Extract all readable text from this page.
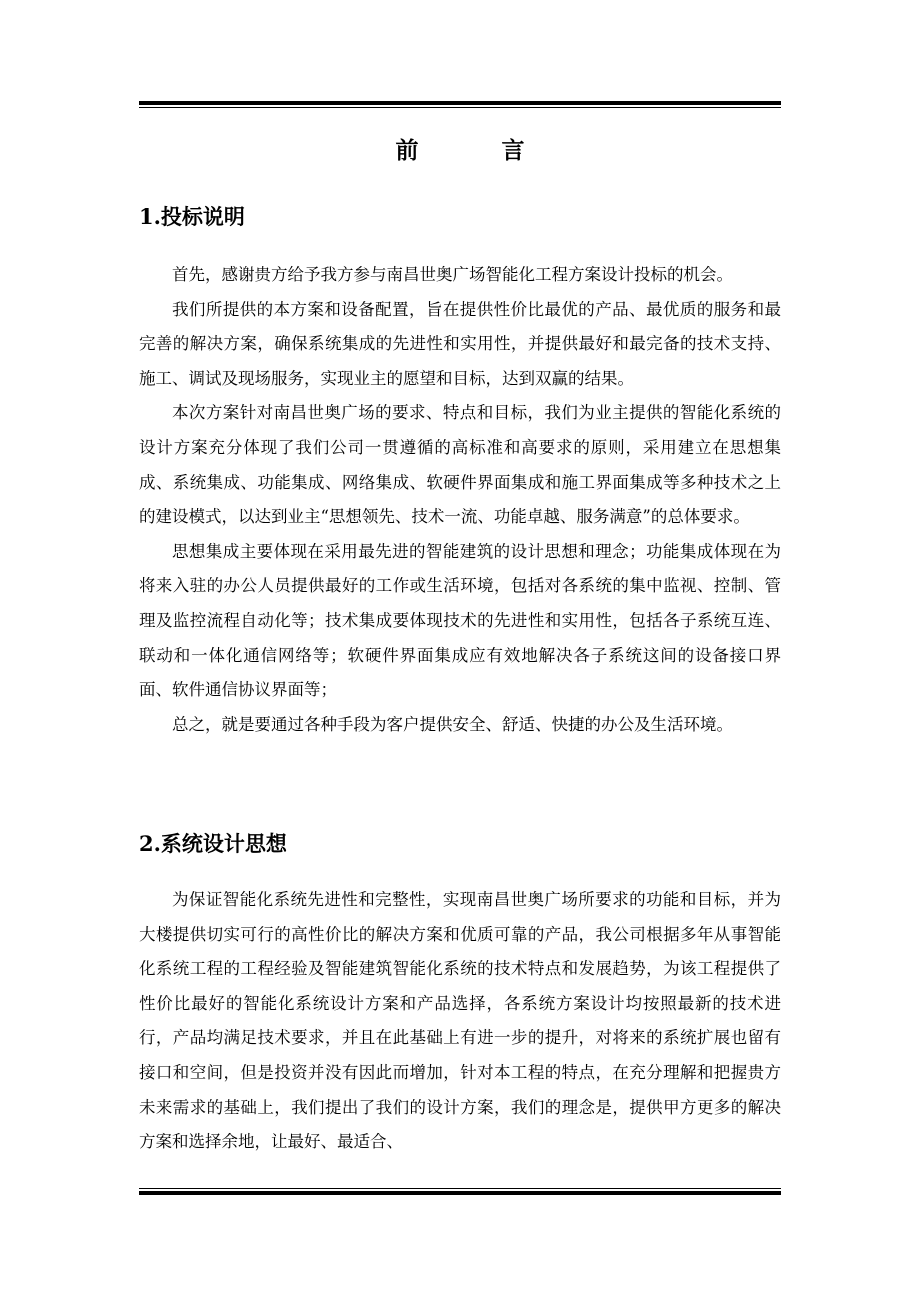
前　言
1.投标说明

首先，感谢贵方给予我方参与南昌世奥广场智能化工程方案设计投标的机会。

我们所提供的本方案和设备配置，旨在提供性价比最优的产品、最优质的服务和最完善的解决方案，确保系统集成的先进性和实用性，并提供最好和最完备的技术支持、施工、调试及现场服务，实现业主的愿望和目标，达到双赢的结果。

本次方案针对南昌世奥广场的要求、特点和目标，我们为业主提供的智能化系统的设计方案充分体现了我们公司一贯遵循的高标准和高要求的原则，采用建立在思想集成、系统集成、功能集成、网络集成、软硬件界面集成和施工界面集成等多种技术之上的建设模式，以达到业主“思想领先、技术一流、功能卓越、服务满意”的总体要求。

思想集成主要体现在采用最先进的智能建筑的设计思想和理念；功能集成体现在为将来入驻的办公人员提供最好的工作或生活环境，包括对各系统的集中监视、控制、管理及监控流程自动化等；技术集成要体现技术的先进性和实用性，包括各子系统互连、联动和一体化通信网络等；软硬件界面集成应有效地解决各子系统这间的设备接口界面、软件通信协议界面等；

总之，就是要通过各种手段为客户提供安全、舒适、快捷的办公及生活环境。

2.系统设计思想

为保证智能化系统先进性和完整性，实现南昌世奥广场所要求的功能和目标，并为大楼提供切实可行的高性价比的解决方案和优质可靠的产品，我公司根据多年从事智能化系统工程的工程经验及智能建筑智能化系统的技术特点和发展趋势，为该工程提供了性价比最好的智能化系统设计方案和产品选择，各系统方案设计均按照最新的技术进行，产品均满足技术要求，并且在此基础上有进一步的提升，对将来的系统扩展也留有接口和空间，但是投资并没有因此而增加，针对本工程的特点，在充分理解和把握贵方未来需求的基础上，我们提出了我们的设计方案，我们的理念是，提供甲方更多的解决方案和选择余地，让最好、最适合、
